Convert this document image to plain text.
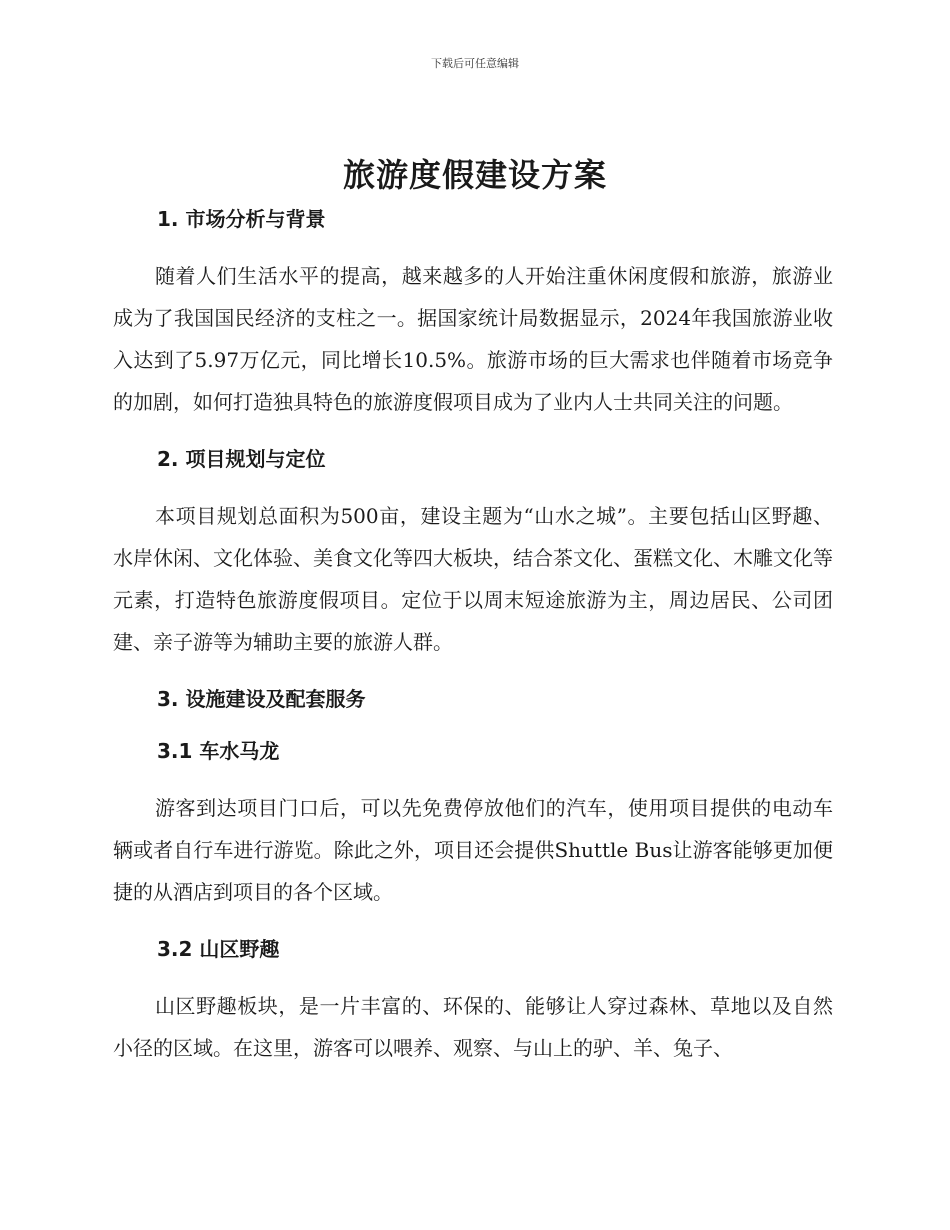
下载后可任意编辑
旅游度假建设方案
1. 市场分析与背景

随着人们生活水平的提高，越来越多的人开始注重休闲度假和旅游，旅游业成为了我国国民经济的支柱之一。据国家统计局数据显示，2024年我国旅游业收入达到了5.97万亿元，同比增长10.5%。旅游市场的巨大需求也伴随着市场竞争的加剧，如何打造独具特色的旅游度假项目成为了业内人士共同关注的问题。

2. 项目规划与定位

本项目规划总面积为500亩，建设主题为“山水之城”。主要包括山区野趣、水岸休闲、文化体验、美食文化等四大板块，结合茶文化、蛋糕文化、木雕文化等元素，打造特色旅游度假项目。定位于以周末短途旅游为主，周边居民、公司团建、亲子游等为辅助主要的旅游人群。

3. 设施建设及配套服务
3.1 车水马龙

游客到达项目门口后，可以先免费停放他们的汽车，使用项目提供的电动车辆或者自行车进行游览。除此之外，项目还会提供Shuttle Bus让游客能够更加便捷的从酒店到项目的各个区域。

3.2 山区野趣

山区野趣板块，是一片丰富的、环保的、能够让人穿过森林、草地以及自然小径的区域。在这里，游客可以喂养、观察、与山上的驴、羊、兔子、
